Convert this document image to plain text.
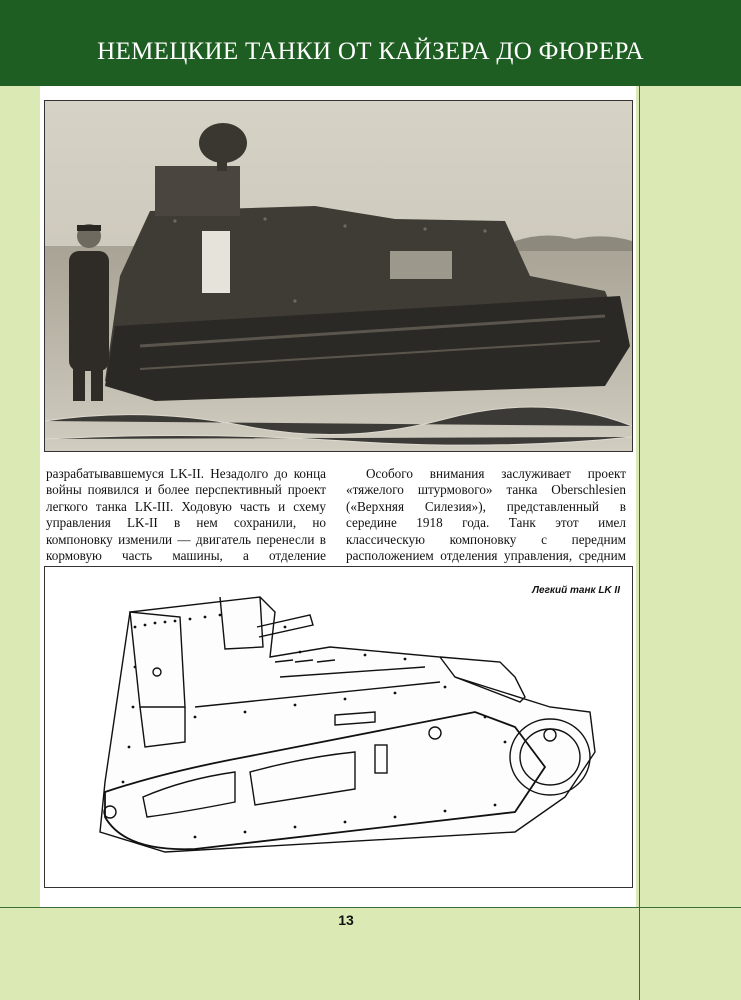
НЕМЕЦКИЕ ТАНКИ ОТ КАЙЗЕРА ДО ФЮРЕРА

разрабатывавшемуся LK-II. Незадолго до конца войны появился и более перспективный проект легкого танка LK-III. Ходовую часть и схему управления LK-II в нем сохранили, но компоновку изменили — двигатель перенесли в кормовую часть машины, а отделение

Особого внимания заслуживает проект «тяжелого штурмового» танка Oberschlesien («Верхняя Силезия»), представленный в середине 1918 года. Танк этот имел классическую компоновку с передним расположением отделения управления, средним

Легкий танк LK II
13
